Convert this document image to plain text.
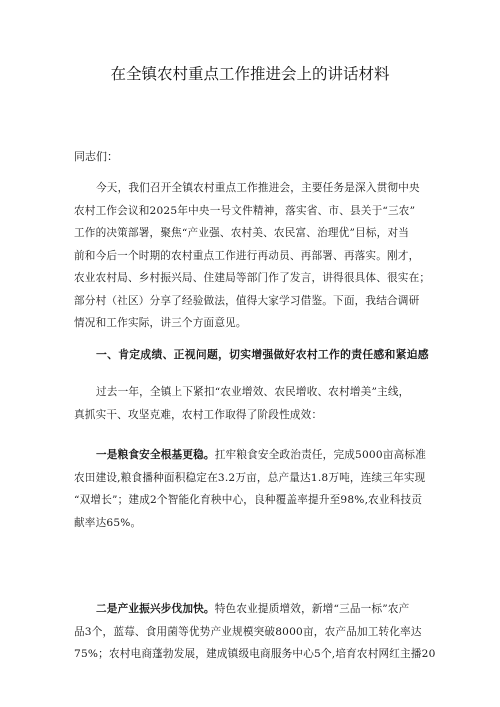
在全镇农村重点工作推进会上的讲话材料
同志们：

今天，我们召开全镇农村重点工作推进会，主要任务是深入贯彻中央

农村工作会议和2025年中央一号文件精神，落实省、市、县关于“三农”

工作的决策部署，聚焦“产业强、农村美、农民富、治理优”目标，对当

前和今后一个时期的农村重点工作进行再动员、再部署、再落实。刚才，

农业农村局、乡村振兴局、住建局等部门作了发言，讲得很具体、很实在；

部分村（社区）分享了经验做法，值得大家学习借鉴。下面，我结合调研

情况和工作实际，讲三个方面意见。

一、肯定成绩、正视问题，切实增强做好农村工作的责任感和紧迫感

过去一年，全镇上下紧扣“农业增效、农民增收、农村增美”主线，

真抓实干、攻坚克难，农村工作取得了阶段性成效：

一是粮食安全根基更稳。扛牢粮食安全政治责任，完成5000亩高标准

农田建设,粮食播种面积稳定在3.2万亩，总产量达1.8万吨，连续三年实现

“双增长”；建成2个智能化育秧中心，良种覆盖率提升至98%,农业科技贡

献率达65%。

二是产业振兴步伐加快。特色农业提质增效，新增“三品一标”农产

品3个，蓝莓、食用菌等优势产业规模突破8000亩，农产品加工转化率达

75%；农村电商蓬勃发展，建成镇级电商服务中心5个,培育农村网红主播20
